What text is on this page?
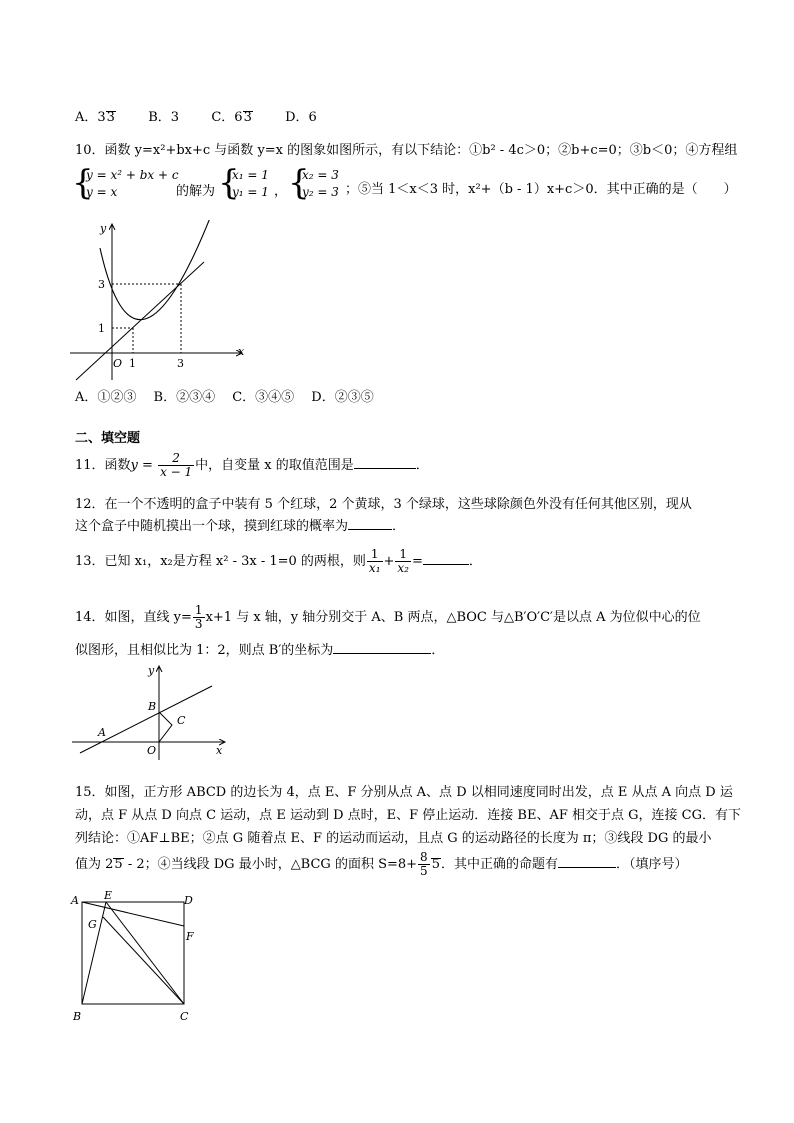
A．33	B．3 C．63	D．6
10．函数 y=x²+bx+c 与函数 y=x 的图象如图所示，有以下结论：①b² - 4c＞0；②b+c=0；③b＜0；④方程组
{
y = x² + bx + c
y = x	的解为 {
x₁ = 1
y₁ = 1 ， {
x₂ = 3
y₂ = 3 ；⑤当 1＜x＜3 时，x²+（b - 1）x+c＞0．其中正确的是（　　）
y
x
O 1	3
1
3
A．①②③　 B．②③④　 C．③④⑤　 D．②③⑤
二、填空题
11．函数$y = \frac{2}{x - 1}$ 中，自变量 x 的取值范围是	．
12．在一个不透明的盒子中装有 5 个红球，2 个黄球，3 个绿球，这些球除颜色外没有任何其他区别，现从
这个盒子中随机摸出一个球，摸到红球的概率为	．
13．已知 x₁，x₂是方程 x² - 3x - 1=0 的两根，则 $\frac{1}{\text{x₁}} + \frac{1}{\text{x₂}}$ =	．
14．如图，直线 $y= \frac{1}{3} x+1$ 与 x 轴，y 轴分别交于 A、B 两点，△BOC 与△B′O′C′是以点 A 为位似中心的位
似图形，且相似比为 1：2，则点 B′的坐标为	．
y
x
A
B
C
O
15．如图，正方形 ABCD 的边长为 4，点 E、F 分别从点 A、点 D 以相同速度同时出发，点 E 从点 A 向点 D 运
动，点 F 从点 D 向点 C 运动，点 E 运动到 D 点时，E、F 停止运动．连接 BE、AF 相交于点 G，连接 CG．有下
列结论：①AF⊥BE；②点 G 随着点 E、F 的运动而运动，且点 G 的运动路径的长度为 π；③线段 DG 的最小
值为 25 - 2；④当线段 DG 最小时，△BCG 的面积 $S=8+ \frac{8}{5} 5$．其中正确的命题有	．（填序号）
A E	D
G
F
B	C
